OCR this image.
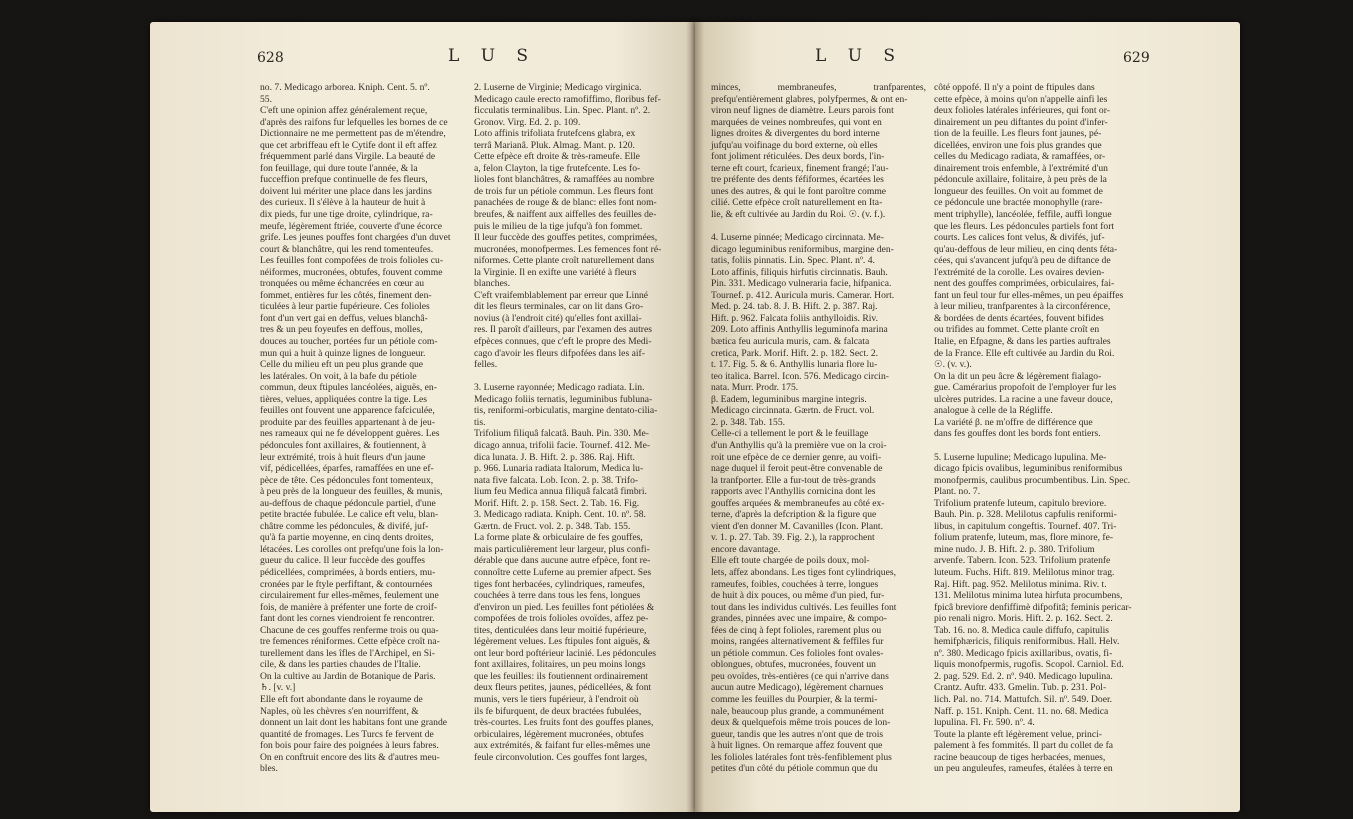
628	L U S

no. 7. Medicago arborea. Kniph. Cent. 5. nº.
55.
C'eft une opinion affez généralement reçue,
d'après des raifons fur lefquelles les bornes de ce
Dictionnaire ne me permettent pas de m'étendre,
que cet arbriffeau eft le Cytife dont il eft affez
fréquemment parlé dans Virgile. La beauté de
fon feuillage, qui dure toute l'année, & la
fucceffion prefque continuelle de fes fleurs,
doivent lui mériter une place dans les jardins
des curieux. Il s'élève à la hauteur de huit à
dix pieds, fur une tige droite, cylindrique, ra-
meufe, légèrement ftriée, couverte d'une écorce
grife. Les jeunes pouffes font chargées d'un duvet
court & blanchâtre, qui les rend tomenteufes.
Les feuilles font compofées de trois folioles cu-
néiformes, mucronées, obtufes, fouvent comme
tronquées ou même échancrées en cœur au
fommet, entières fur les côtés, finement den-
ticulées à leur partie fupérieure. Ces folioles
font d'un vert gai en deffus, velues blanchâ-
tres & un peu foyeufes en deffous, molles,
douces au toucher, portées fur un pétiole com-
mun qui a huit à quinze lignes de longueur.
Celle du milieu eft un peu plus grande que
les latérales. On voit, à la bafe du pétiole
commun, deux ftipules lancéolées, aiguës, en-
tières, velues, appliquées contre la tige. Les
feuilles ont fouvent une apparence fafciculée,
produite par des feuilles appartenant à de jeu-
nes rameaux qui ne fe développent guères. Les
pédoncules font axillaires, & foutiennent, à
leur extrémité, trois à huit fleurs d'un jaune
vif, pédicellées, éparfes, ramaffées en une ef-
pèce de tête. Ces pédoncules font tomenteux,
à peu près de la longueur des feuilles, & munis,
au-deffous de chaque pédoncule partiel, d'une
petite bractée fubulée. Le calice eft velu, blan-
châtre comme les pédoncules, & divifé, juf-
qu'à fa partie moyenne, en cinq dents droites,
létacées. Les corolles ont prefqu'une fois la lon-
gueur du calice. Il leur fuccède des gouffes
pédicellées, comprimées, à bords entiers, mu-
cronées par le ftyle perfiftant, & contournées
circulairement fur elles-mêmes, feulement une
fois, de manière à préfenter une forte de croif-
fant dont les cornes viendroient fe rencontrer.
Chacune de ces gouffes renferme trois ou qua-
tre femences réniformes. Cette efpèce croît na-
turellement dans les îfles de l'Archipel, en Si-
cile, & dans les parties chaudes de l'Italie.
On la cultive au Jardin de Botanique de Paris.
♄. [v. v.]
Elle eft fort abondante dans le royaume de
Naples, où les chèvres s'en nourriffent, &
donnent un lait dont les habitans font une grande
quantité de fromages. Les Turcs fe fervent de
fon bois pour faire des poignées à leurs fabres.
On en conftruit encore des lits & d'autres meu-
bles.

2. Luserne de Virginie; Medicago virginica.
Medicago caule erecto ramofiffimo, floribus fef-
ficculatis terminalibus. Lin. Spec. Plant. nº. 2.
Gronov. Virg. Ed. 2. p. 109.
Loto affinis trifoliata frutefcens glabra, ex
terrâ Marianâ. Pluk. Almag. Mant. p. 120.
Cette efpèce eft droite & très-rameufe. Elle
a, felon Clayton, la tige frutefcente. Les fo-
lioles font blanchâtres, & ramaffées au nombre
de trois fur un pétiole commun. Les fleurs font
panachées de rouge & de blanc: elles font nom-
breufes, & naiffent aux aiffelles des feuilles de-
puis le milieu de la tige jufqu'à fon fommet.
Il leur fuccède des gouffes petites, comprimées,
mucronées, monofpermes. Les femences font ré-
niformes. Cette plante croît naturellement dans
la Virginie. Il en exifte une variété à fleurs
blanches.
C'eft vraifemblablement par erreur que Linné
dit les fleurs terminales, car on lit dans Gro-
novius (à l'endroit cité) qu'elles font axillai-
res. Il paroît d'ailleurs, par l'examen des autres
efpèces connues, que c'eft le propre des Medi-
cago d'avoir les fleurs difpofées dans les aif-
felles.

3. Luserne rayonnée; Medicago radiata. Lin.
Medicago foliis ternatis, leguminibus fubluna-
tis, reniformi-orbiculatis, margine dentato-cilia-
tis.
Trifolium filiquâ falcatâ. Bauh. Pin. 330. Me-
dicago annua, trifolii facie. Tournef. 412. Me-
dica lunata. J. B. Hift. 2. p. 386. Raj. Hift.
p. 966. Lunaria radiata Italorum, Medica lu-
nata five falcata. Lob. Icon. 2. p. 38. Trifo-
lium feu Medica annua filiquâ falcatâ fimbri.
Morif. Hift. 2. p. 158. Sect. 2. Tab. 16. Fig.
3. Medicago radiata. Kniph. Cent. 10. nº. 58.
Gærtn. de Fruct. vol. 2. p. 348. Tab. 155.
La forme plate & orbiculaire de fes gouffes,
mais particulièrement leur largeur, plus confi-
dérable que dans aucune autre efpèce, font re-
connoître cette Luferne au premier afpect. Ses
tiges font herbacées, cylindriques, rameufes,
couchées à terre dans tous les fens, longues
d'environ un pied. Les feuilles font pétiolées &
compofées de trois folioles ovoïdes, affez pe-
tites, denticulées dans leur moitié fupérieure,
légèrement velues. Les ftipules font aiguës, &
ont leur bord poftérieur lacinié. Les pédoncules
font axillaires, folitaires, un peu moins longs
que les feuilles: ils foutiennent ordinairement
deux fleurs petites, jaunes, pédicellées, & font
munis, vers le tiers fupérieur, à l'endroit où
ils fe bifurquent, de deux bractées fubulées,
très-courtes. Les fruits font des gouffes planes,
orbiculaires, légèrement mucronées, obtufes
aux extrémités, & faifant fur elles-mêmes une
feule circonvolution. Ces gouffes font larges,

L U S	629

minces, membraneufes, tranfparentes, prefqu'entièrement glabres, polyfpermes, & ont en-
viron neuf lignes de diamètre. Leurs parois font
marquées de veines nombreufes, qui vont en
lignes droites & divergentes du bord interne
jufqu'au voifinage du bord externe, où elles
font joliment réticulées. Des deux bords, l'in-
terne eft court, fcarieux, finement frangé; l'au-
tre préfente des dents féfiformes, écartées les
unes des autres, & qui le font paroître comme
cilié. Cette efpèce croît naturellement en Ita-
lie, & eft cultivée au Jardin du Roi. ☉. (v. f.).

4. Luserne pinnée; Medicago circinnata. Me-
dicago leguminibus reniformibus, margine den-
tatis, foliis pinnatis. Lin. Spec. Plant. nº. 4.
Loto affinis, filiquis hirfutis circinnatis. Bauh.
Pin. 331. Medicago vulneraria facie, hifpanica.
Tournef. p. 412. Auricula muris. Camerar. Hort.
Med. p. 24. tab. 8. J. B. Hift. 2. p. 387. Raj.
Hift. p. 962. Falcata foliis anthylloidis. Riv.
209. Loto affinis Anthyllis leguminofa marina
bætica feu auricula muris, cam. & falcata
cretica, Park. Morif. Hift. 2. p. 182. Sect. 2.
t. 17. Fig. 5. & 6. Anthyllis lunaria flore lu-
teo italica. Barrel. Icon. 576. Medicago circin-
nata. Murr. Prodr. 175.
β. Eadem, leguminibus margine integris.
Medicago circinnata. Gærtn. de Fruct. vol.
2. p. 348. Tab. 155.
Celle-ci a tellement le port & le feuillage
d'un Anthyllis qu'à la première vue on la croi-
roit une efpèce de ce dernier genre, au voifi-
nage duquel il feroit peut-être convenable de
la tranfporter. Elle a fur-tout de très-grands
rapports avec l'Anthyllis cornicina dont les
gouffes arquées & membraneufes au côté ex-
terne, d'après la defcription & la figure que
vient d'en donner M. Cavanilles (Icon. Plant.
v. 1. p. 27. Tab. 39. Fig. 2.), la rapprochent
encore davantage.
Elle eft toute chargée de poils doux, mol-
lets, affez abondans. Les tiges font cylindriques,
rameufes, foibles, couchées à terre, longues
de huit à dix pouces, ou même d'un pied, fur-
tout dans les individus cultivés. Les feuilles font
grandes, pinnées avec une impaire, & compo-
fées de cinq à fept folioles, rarement plus ou
moins, rangées alternativement & feffiles fur
un pétiole commun. Ces folioles font ovales-
oblongues, obtufes, mucronées, fouvent un
peu ovoïdes, très-entières (ce qui n'arrive dans
aucun autre Medicago), légèrement charnues
comme les feuilles du Pourpier, & la termi-
nale, beaucoup plus grande, a communément
deux & quelquefois même trois pouces de lon-
gueur, tandis que les autres n'ont que de trois
à huit lignes. On remarque affez fouvent que
les folioles latérales font très-fenfiblement plus
petites d'un côté du pétiole commun que du

côté oppofé. Il n'y a point de ftipules dans
cette efpèce, à moins qu'on n'appelle ainfi les
deux folioles latérales inférieures, qui font or-
dinairement un peu diftantes du point d'infer-
tion de la feuille. Les fleurs font jaunes, pé-
dicellées, environ une fois plus grandes que
celles du Medicago radiata, & ramaffées, or-
dinairement trois enfemble, à l'extrémité d'un
pédoncule axillaire, folitaire, à peu près de la
longueur des feuilles. On voit au fommet de
ce pédoncule une bractée monophylle (rare-
ment triphylle), lancéolée, feffile, auffi longue
que les fleurs. Les pédoncules partiels font fort
courts. Les calices font velus, & divifés, juf-
qu'au-deffous de leur milieu, en cinq dents féta-
cées, qui s'avancent jufqu'à peu de diftance de
l'extrémité de la corolle. Les ovaires devien-
nent des gouffes comprimées, orbiculaires, fai-
fant un feul tour fur elles-mêmes, un peu épaiffes
à leur milieu, tranfparentes à la circonférence,
& bordées de dents écartées, fouvent bifides
ou trifides au fommet. Cette plante croît en
Italie, en Efpagne, & dans les parties auftrales
de la France. Elle eft cultivée au Jardin du Roi.
☉. (v. v.).
On la dit un peu âcre & légèrement fialago-
gue. Camérarius propofoit de l'employer fur les
ulcères putrides. La racine a une faveur douce,
analogue à celle de la Régliffe.
La variété β. ne m'offre de différence que
dans fes gouffes dont les bords font entiers.

5. Luserne lupuline; Medicago lupulina. Me-
dicago fpicis ovalibus, leguminibus reniformibus
monofpermis, caulibus procumbentibus. Lin. Spec.
Plant. no. 7.
Trifolium pratenfe luteum, capitulo breviore.
Bauh. Pin. p. 328. Melilotus capfulis reniformi-
libus, in capitulum congeftis. Tournef. 407. Tri-
folium pratenfe, luteum, mas, flore minore, fe-
mine nudo. J. B. Hift. 2. p. 380. Trifolium
arvenfe. Tabern. Icon. 523. Trifolium pratenfe
luteum. Fuchs. Hift. 819. Melilotus minor trag.
Raj. Hift. pag. 952. Melilotus minima. Riv. t.
131. Melilotus minima lutea hirfuta procumbens,
fpicâ breviore denfiffimè difpofitâ; feminis pericar-
pio renali nigro. Moris. Hift. 2. p. 162. Sect. 2.
Tab. 16. no. 8. Medica caule diffufo, capitulis
hemifphæricis, filiquis reniformibus. Hall. Helv.
nº. 380. Medicago fpicis axillaribus, ovatis, fi-
liquis monofpermis, rugofis. Scopol. Carniol. Ed.
2. pag. 529. Ed. 2. nº. 940. Medicago lupulina.
Crantz. Auftr. 433. Gmelin. Tub. p. 231. Pol-
lich. Pal. no. 714. Mattufch. Sil. nº. 549. Doer.
Naff. p. 151. Kniph. Cent. 11. no. 68. Medica
lupulina. Fl. Fr. 590. nº. 4.
Toute la plante eft légèrement velue, princi-
palement à fes fommités. Il part du collet de fa
racine beaucoup de tiges herbacées, menues,
un peu anguleufes, rameufes, étalées à terre en
